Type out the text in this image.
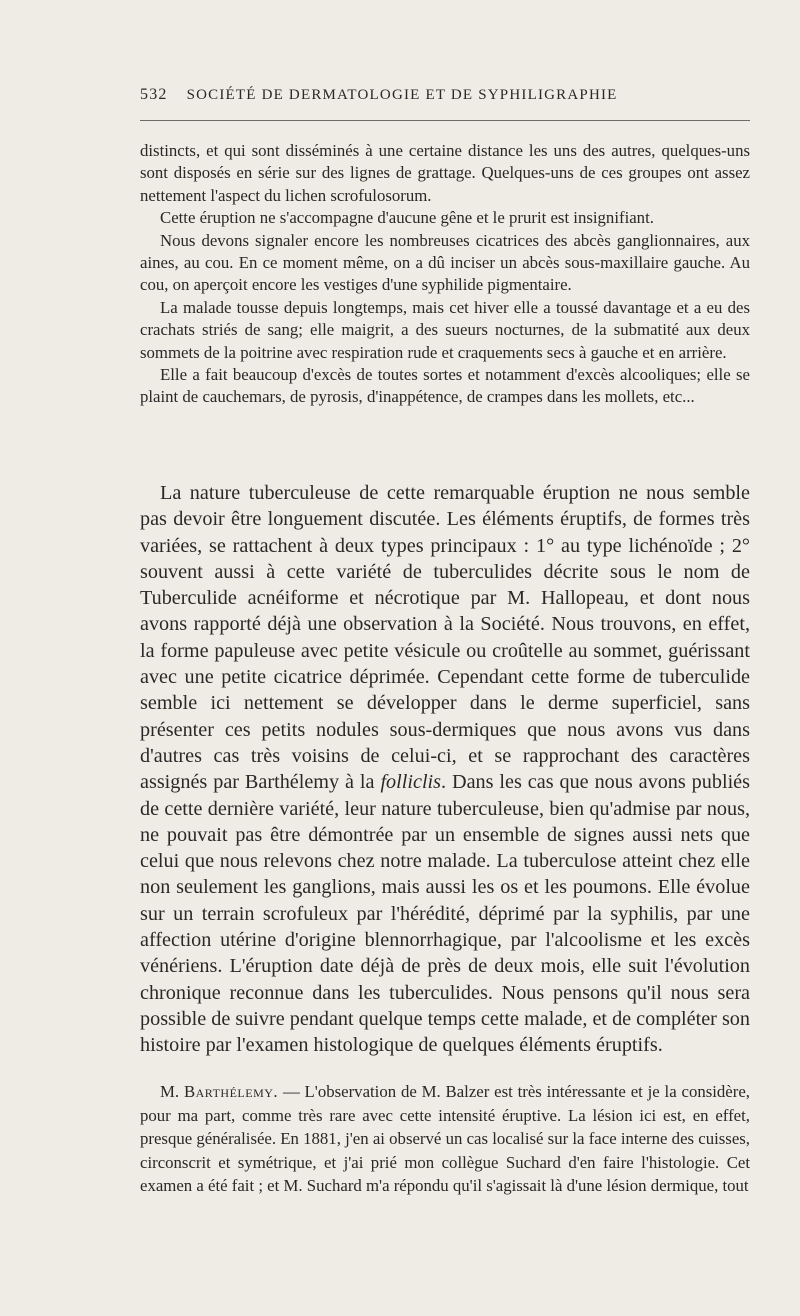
532 SOCIÉTÉ DE DERMATOLOGIE ET DE SYPHILIGRAPHIE

distincts, et qui sont disséminés à une certaine distance les uns des autres, quelques-uns sont disposés en série sur des lignes de grattage. Quelques-uns de ces groupes ont assez nettement l'aspect du lichen scrofulosorum.

Cette éruption ne s'accompagne d'aucune gêne et le prurit est insignifiant.

Nous devons signaler encore les nombreuses cicatrices des abcès ganglionnaires, aux aines, au cou. En ce moment même, on a dû inciser un abcès sous-maxillaire gauche. Au cou, on aperçoit encore les vestiges d'une syphilide pigmentaire.

La malade tousse depuis longtemps, mais cet hiver elle a toussé davantage et a eu des crachats striés de sang; elle maigrit, a des sueurs nocturnes, de la submatité aux deux sommets de la poitrine avec respiration rude et craquements secs à gauche et en arrière.

Elle a fait beaucoup d'excès de toutes sortes et notamment d'excès alcooliques; elle se plaint de cauchemars, de pyrosis, d'inappétence, de crampes dans les mollets, etc...

La nature tuberculeuse de cette remarquable éruption ne nous semble pas devoir être longuement discutée. Les éléments éruptifs, de formes très variées, se rattachent à deux types principaux : 1° au type lichénoïde ; 2° souvent aussi à cette variété de tuberculides décrite sous le nom de Tuberculide acnéiforme et nécrotique par M. Hallopeau, et dont nous avons rapporté déjà une observation à la Société. Nous trouvons, en effet, la forme papuleuse avec petite vésicule ou croûtelle au sommet, guérissant avec une petite cicatrice déprimée. Cependant cette forme de tuberculide semble ici nettement se développer dans le derme superficiel, sans présenter ces petits nodules sous-dermiques que nous avons vus dans d'autres cas très voisins de celui-ci, et se rapprochant des caractères assignés par Barthélemy à la folliclis. Dans les cas que nous avons publiés de cette dernière variété, leur nature tuberculeuse, bien qu'admise par nous, ne pouvait pas être démontrée par un ensemble de signes aussi nets que celui que nous relevons chez notre malade. La tuberculose atteint chez elle non seulement les ganglions, mais aussi les os et les poumons. Elle évolue sur un terrain scrofuleux par l'hérédité, déprimé par la syphilis, par une affection utérine d'origine blennorrhagique, par l'alcoolisme et les excès vénériens. L'éruption date déjà de près de deux mois, elle suit l'évolution chronique reconnue dans les tuberculides. Nous pensons qu'il nous sera possible de suivre pendant quelque temps cette malade, et de compléter son histoire par l'examen histologique de quelques éléments éruptifs.

M. Barthélemy. — L'observation de M. Balzer est très intéressante et je la considère, pour ma part, comme très rare avec cette intensité éruptive. La lésion ici est, en effet, presque généralisée. En 1881, j'en ai observé un cas localisé sur la face interne des cuisses, circonscrit et symétrique, et j'ai prié mon collègue Suchard d'en faire l'histologie. Cet examen a été fait ; et M. Suchard m'a répondu qu'il s'agissait là d'une lésion dermique, tout
